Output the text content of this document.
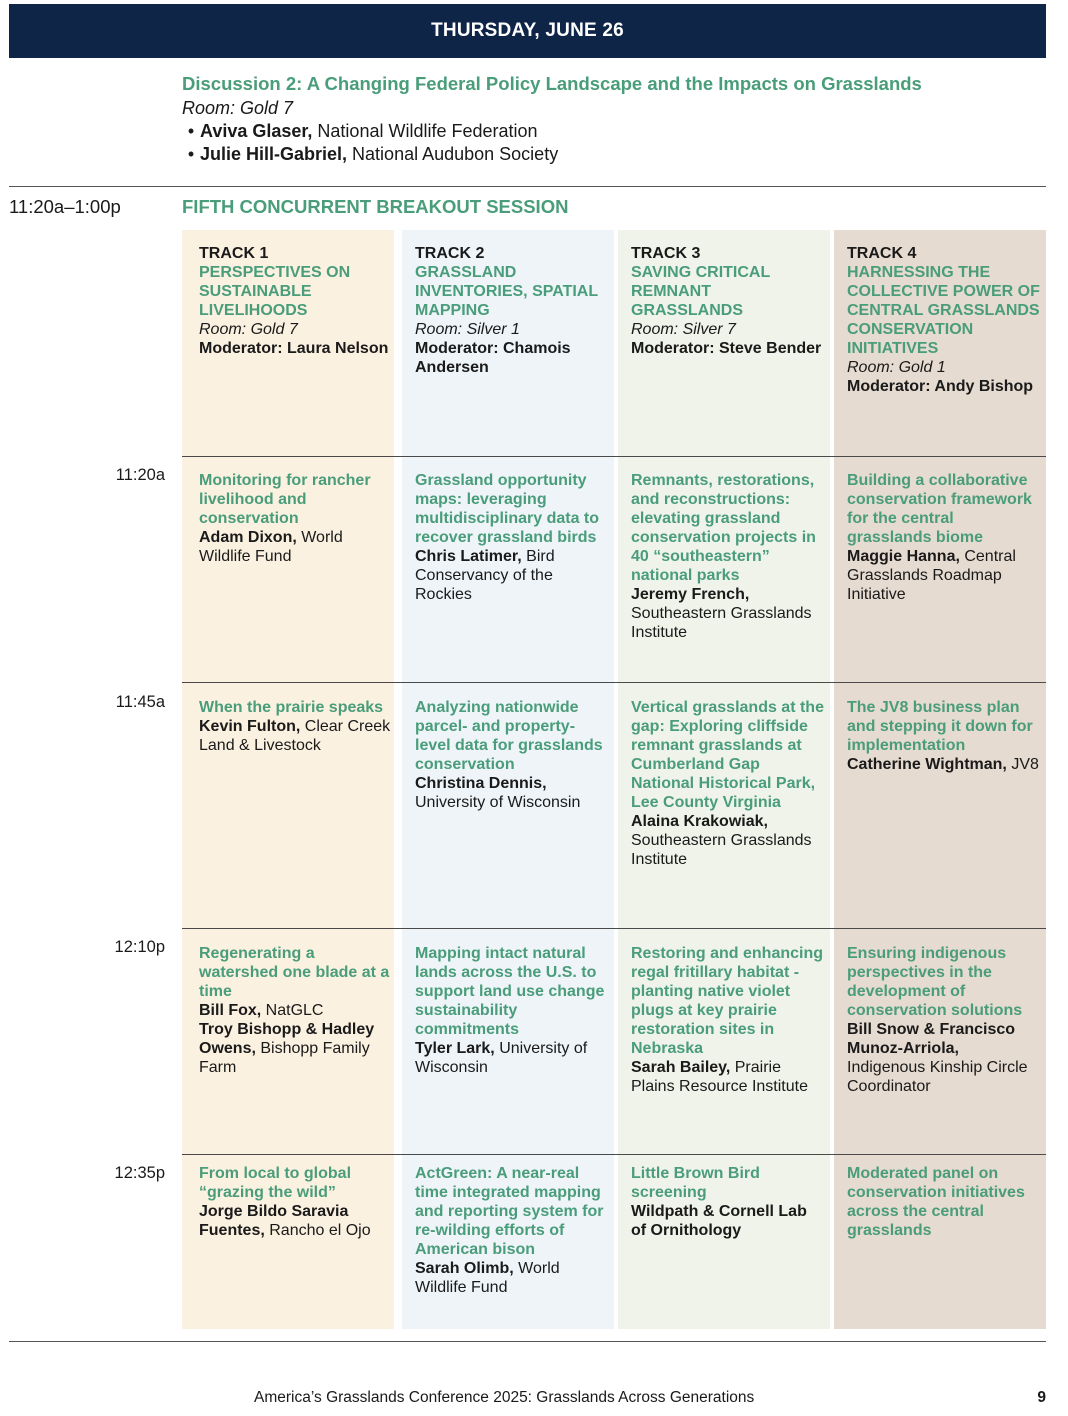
THURSDAY, JUNE 26
Discussion 2: A Changing Federal Policy Landscape and the Impacts on Grasslands
Room: Gold 7
• Aviva Glaser, National Wildlife Federation
• Julie Hill-Gabriel, National Audubon Society
11:20a–1:00p	FIFTH CONCURRENT BREAKOUT SESSION
TRACK 1
PERSPECTIVES ON SUSTAINABLE LIVELIHOODS
Room: Gold 7
Moderator: Laura Nelson
TRACK 2
GRASSLAND INVENTORIES, SPATIAL MAPPING
Room: Silver 1
Moderator: Chamois Andersen
TRACK 3
SAVING CRITICAL REMNANT GRASSLANDS
Room: Silver 7
Moderator: Steve Bender
TRACK 4
HARNESSING THE COLLECTIVE POWER OF CENTRAL GRASSLANDS CONSERVATION INITIATIVES
Room: Gold 1
Moderator: Andy Bishop
11:20a Monitoring for rancher livelihood and conservation
Adam Dixon, World Wildlife Fund
Grassland opportunity maps: leveraging multidisciplinary data to recover grassland birds
Chris Latimer, Bird Conservancy of the Rockies
Remnants, restorations, and reconstructions: elevating grassland conservation projects in 40 “southeastern” national parks
Jeremy French, Southeastern Grasslands Institute
Building a collaborative conservation framework for the central grasslands biome
Maggie Hanna, Central Grasslands Roadmap Initiative
11:45a When the prairie speaks
Kevin Fulton, Clear Creek Land & Livestock
Analyzing nationwide parcel- and property-level data for grasslands conservation
Christina Dennis, University of Wisconsin
Vertical grasslands at the gap: Exploring cliffside remnant grasslands at Cumberland Gap National Historical Park, Lee County Virginia
Alaina Krakowiak, Southeastern Grasslands Institute
The JV8 business plan and stepping it down for implementation
Catherine Wightman, JV8
12:10p Regenerating a watershed one blade at a time
Bill Fox, NatGLC
Troy Bishopp & Hadley Owens, Bishopp Family Farm
Mapping intact natural lands across the U.S. to support land use change sustainability commitments
Tyler Lark, University of Wisconsin
Restoring and enhancing regal fritillary habitat - planting native violet plugs at key prairie restoration sites in Nebraska
Sarah Bailey, Prairie Plains Resource Institute
Ensuring indigenous perspectives in the development of conservation solutions
Bill Snow & Francisco Munoz-Arriola, Indigenous Kinship Circle Coordinator
12:35p From local to global “grazing the wild”
Jorge Bildo Saravia Fuentes, Rancho el Ojo
ActGreen: A near-real time integrated mapping and reporting system for re-wilding efforts of American bison
Sarah Olimb, World Wildlife Fund
Little Brown Bird screening
Wildpath & Cornell Lab of Ornithology
Moderated panel on conservation initiatives across the central grasslands
America’s Grasslands Conference 2025: Grasslands Across Generations	9
